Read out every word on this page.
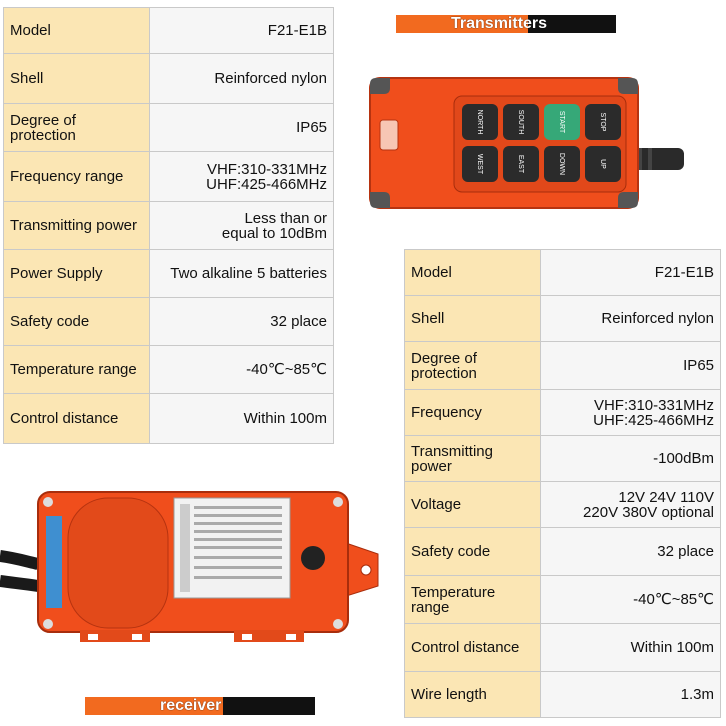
Model	F21-E1B
Shell	Reinforced nylon
Degree of protection	IP65
Frequency range	VHF:310-331MHz
UHF:425-466MHz
Transmitting power	Less than or
equal to 10dBm
Power Supply	Two alkaline 5 batteries
Safety code	32 place
Temperature range	-40℃~85℃
Control distance	Within 100m
Model	F21-E1B
Shell	Reinforced nylon
Degree of protection	IP65
Frequency	VHF:310-331MHz
UHF:425-466MHz
Transmitting power	-100dBm
Voltage	12V 24V 110V
220V 380V optional
Safety code	32 place
Temperature range	-40℃~85℃
Control distance	Within 100m
Wire length	1.3m
Transmitters
receiver
NORTH	SOUTH	START	STOP
WEST	EAST	DOWN	UP
